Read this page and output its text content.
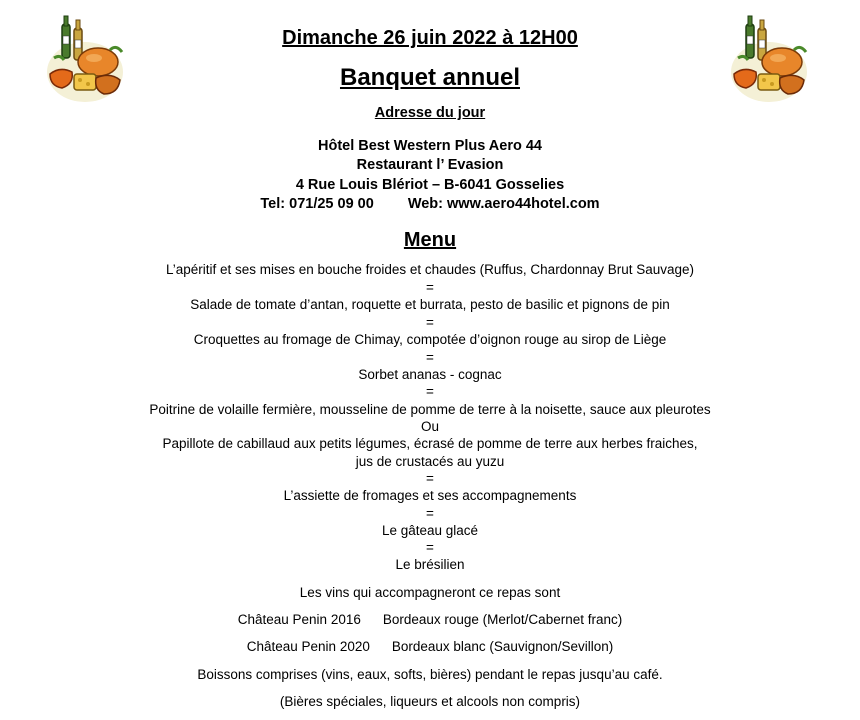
Dimanche 26 juin 2022 à 12H00
Banquet annuel
Adresse du jour
Hôtel Best Western Plus Aero 44
Restaurant l’ Evasion
4 Rue Louis Blériot – B-6041 Gosselies
Tel: 071/25 09 00 Web: www.aero44hotel.com
Menu
L’apéritif et ses mises en bouche froides et chaudes (Ruffus, Chardonnay Brut Sauvage)
=
Salade de tomate d’antan, roquette et burrata, pesto de basilic et pignons de pin
=
Croquettes au fromage de Chimay, compotée d’oignon rouge au sirop de Liège
=
Sorbet ananas - cognac
=
Poitrine de volaille fermière, mousseline de pomme de terre à la noisette, sauce aux pleurotes
Ou
Papillote de cabillaud aux petits légumes, écrasé de pomme de terre aux herbes fraiches,
jus de crustacés au yuzu
=
L’assiette de fromages et ses accompagnements
=
Le gâteau glacé
=
Le brésilien
Les vins qui accompagneront ce repas sont
Château Penin 2016 Bordeaux rouge (Merlot/Cabernet franc)
Château Penin 2020 Bordeaux blanc (Sauvignon/Sevillon)
Boissons comprises (vins, eaux, softs, bières) pendant le repas jusqu’au café.
(Bières spéciales, liqueurs et alcools non compris)
